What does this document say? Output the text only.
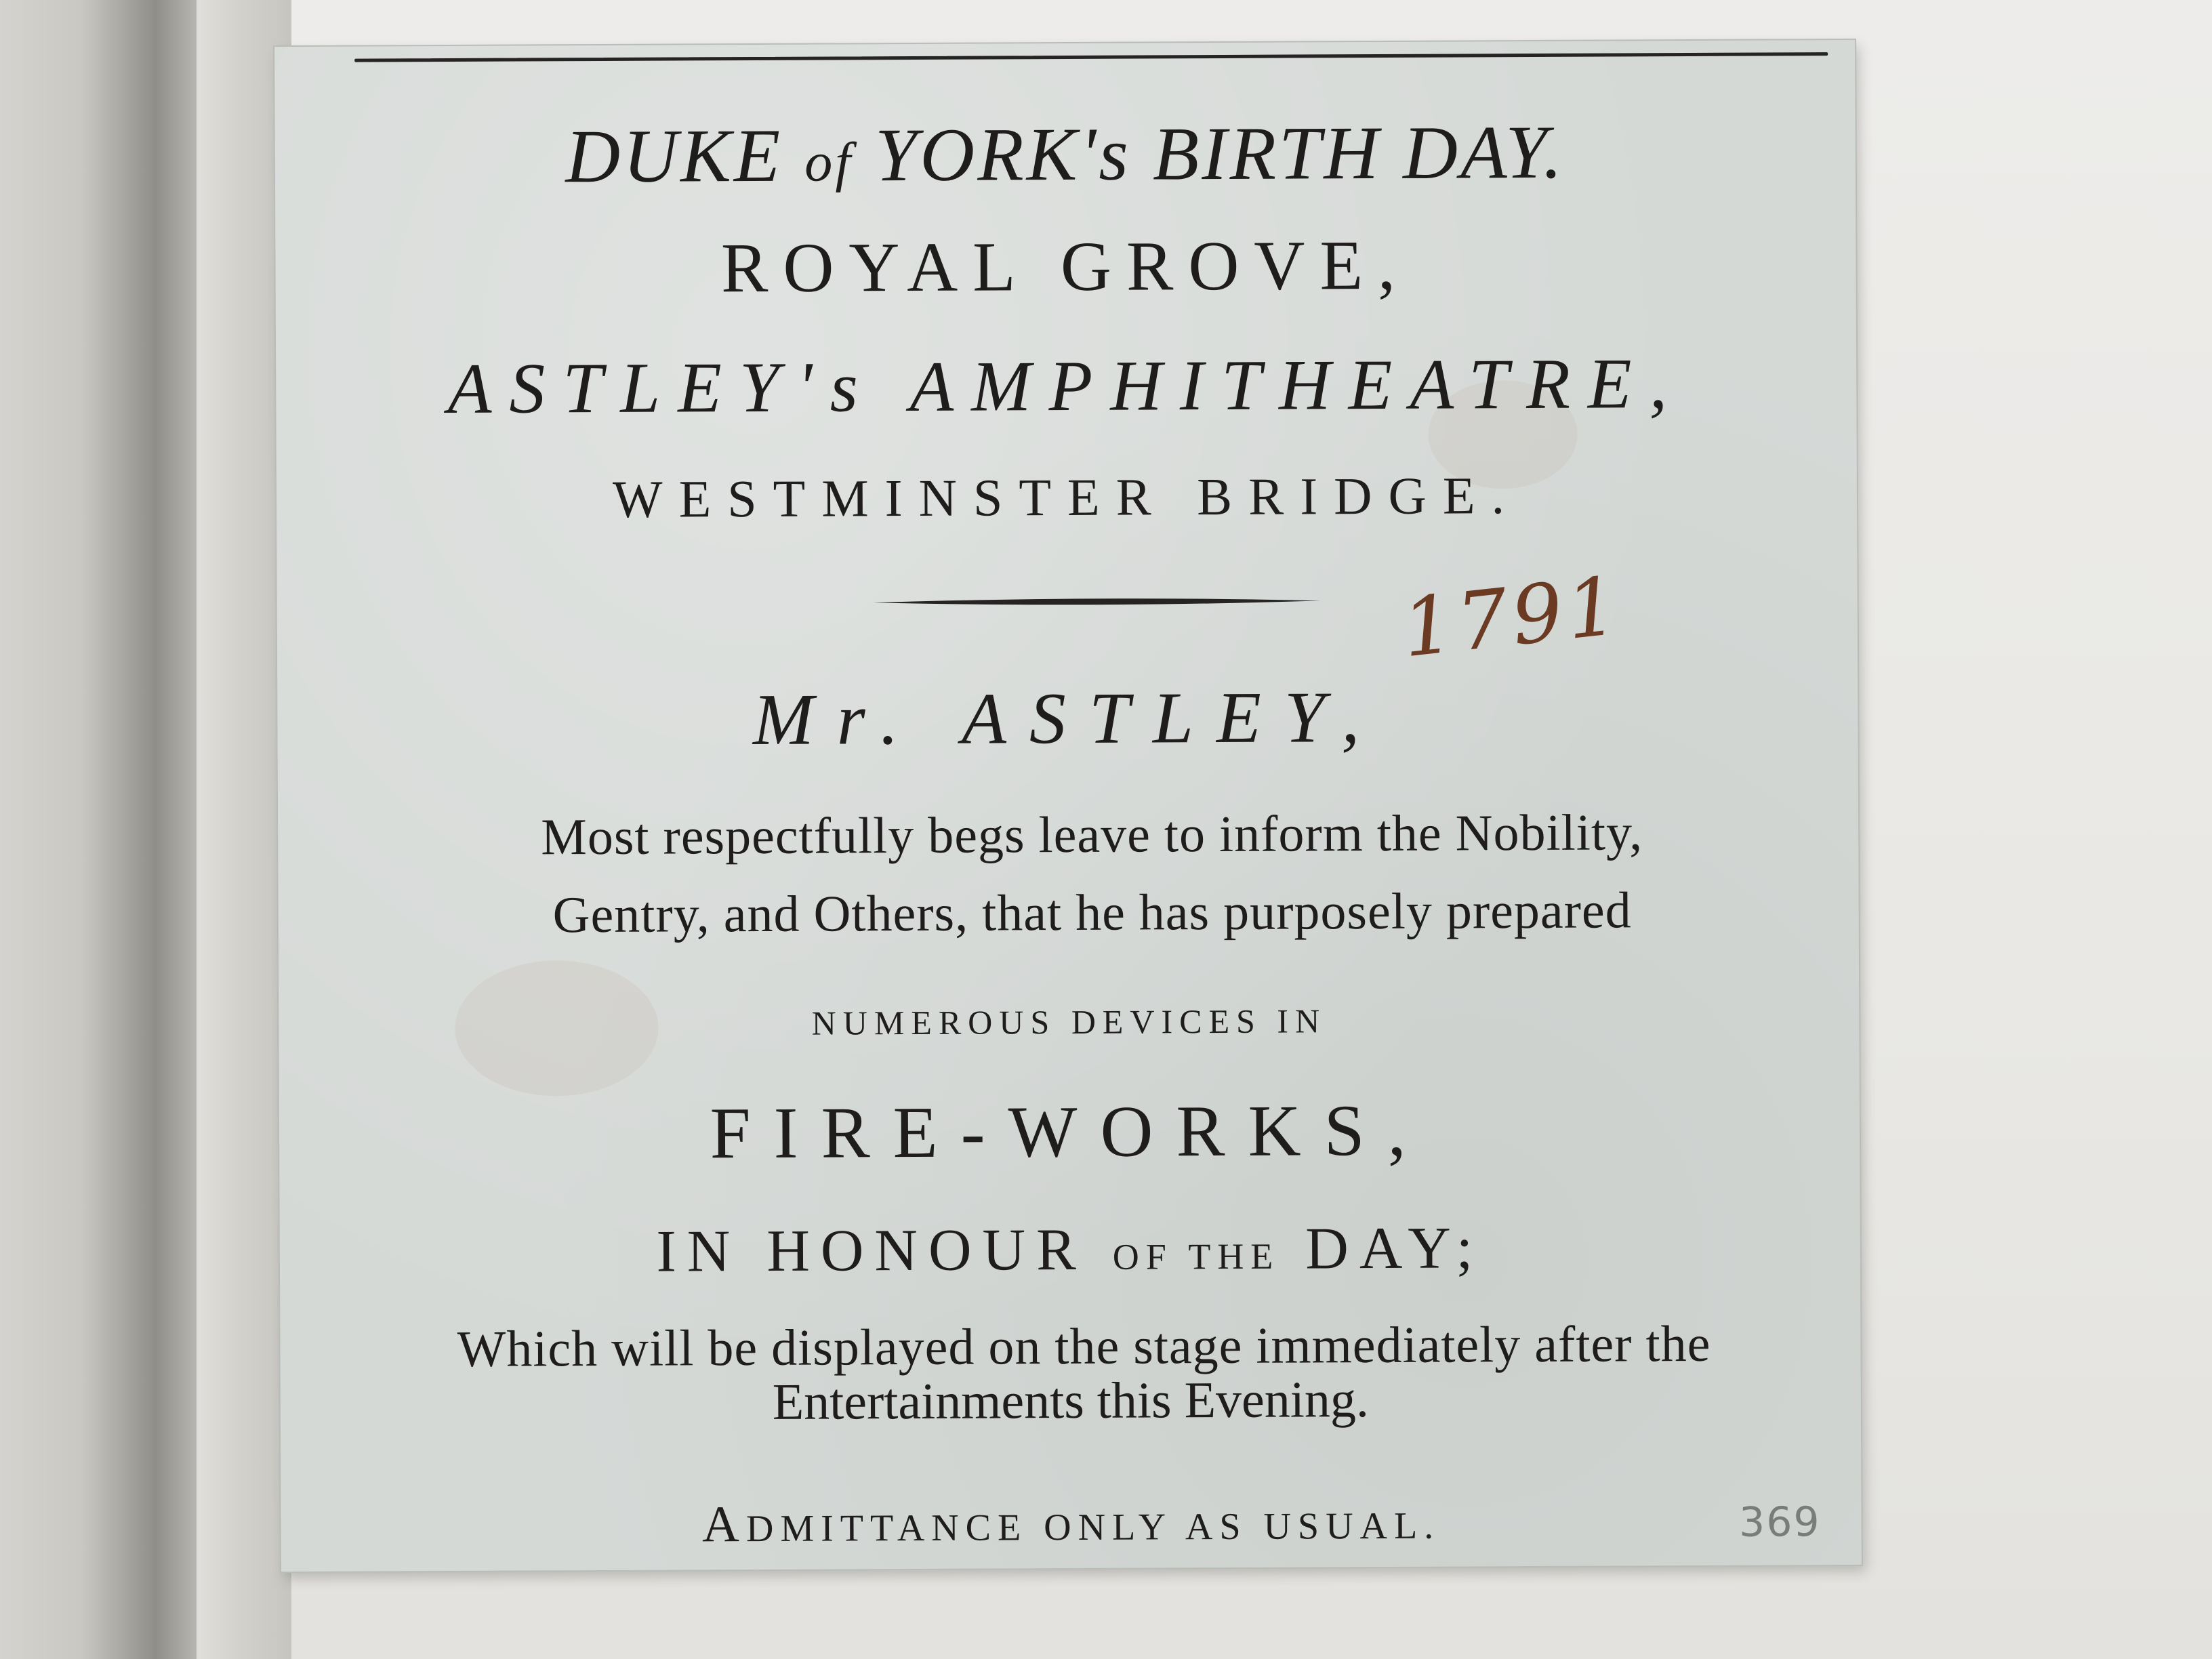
DUKE of YORK's BIRTH DAY.
ROYAL GROVE,
ASTLEY's AMPHITHEATRE,
WESTMINSTER BRIDGE.
1791
Mr. ASTLEY,
Most respectfully begs leave to inform the Nobility,
Gentry, and Others, that he has purposely prepared
NUMEROUS DEVICES IN
FIRE-WORKS,
IN HONOUR OF THE DAY;
Which will be displayed on the stage immediately after the
Entertainments this Evening.
ADMITTANCE ONLY AS USUAL.	369
